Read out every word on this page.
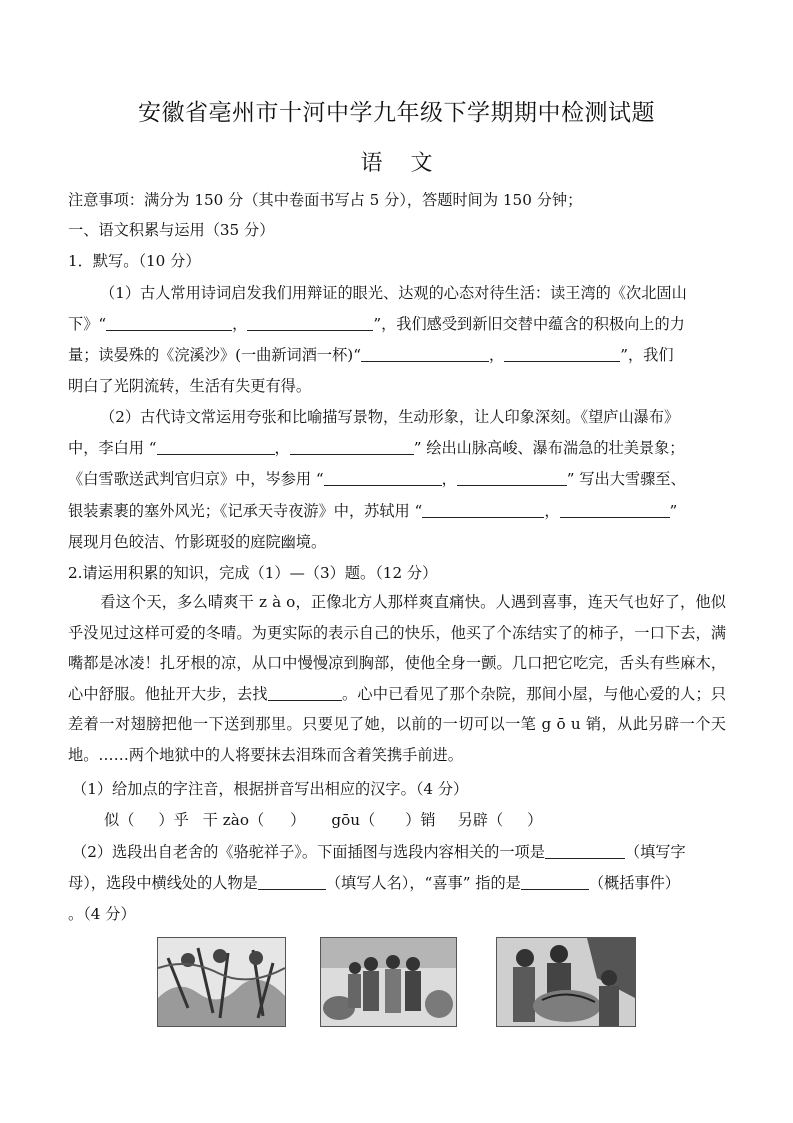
安徽省亳州市十河中学九年级下学期期中检测试题
语文
注意事项：满分为 150 分（其中卷面书写占 5 分），答题时间为 150 分钟；
一、语文积累与运用（35 分）
1．默写。（10 分）
（1）古人常用诗词启发我们用辩证的眼光、达观的心态对待生活：读王湾的《次北固山
下》“	，	”，我们感受到新旧交替中蕴含的积极向上的力
量；读晏殊的《浣溪沙》(一曲新词酒一杯)“	，	”，我们
明白了光阴流转，生活有失更有得。
（2）古代诗文常运用夸张和比喻描写景物，生动形象，让人印象深刻。《望庐山瀑布》
中，李白用 “	，	” 绘出山脉高峻、瀑布湍急的壮美景象；
《白雪歌送武判官归京》中，岑参用 “	，	” 写出大雪骤至、
银装素裹的塞外风光；《记承天寺夜游》中，苏轼用 “	，	”
展现月色皎洁、竹影斑驳的庭院幽境。
2.请运用积累的知识，完成（1）—（3）题。（12 分）
看这个天，多么晴爽干 z à o，正像北方人那样爽直痛快。人遇到喜事，连天气也好了，他似乎没见过这样可爱的冬晴。为更实际的表示自己的快乐，他买了个冻结实了的柿子，一口下去，满嘴都是冰凌！扎牙根的凉，从口中慢慢凉到胸部，使他全身一颤。几口把它吃完，舌头有些麻木，心中舒服。他扯开大步，去找	。心中已看见了那个杂院，那间小屋，与他心爱的人；只差着一对翅膀把他一下送到那里。只要见了她，以前的一切可以一笔 g ō u 销，从此另辟一个天地。……两个地狱中的人将要抹去泪珠而含着笑携手前进。
（1）给加点的字注音，根据拼音写出相应的汉字。（4 分）
似（ ）乎 干 zào（ ） gōu（ ）销 另辟（ ）
（2）选段出自老舍的《骆驼祥子》。下面插图与选段内容相关的一项是	（填写字
母），选段中横线处的人物是	（填写人名），“喜事” 指的是	（概括事件）
。（4 分）
